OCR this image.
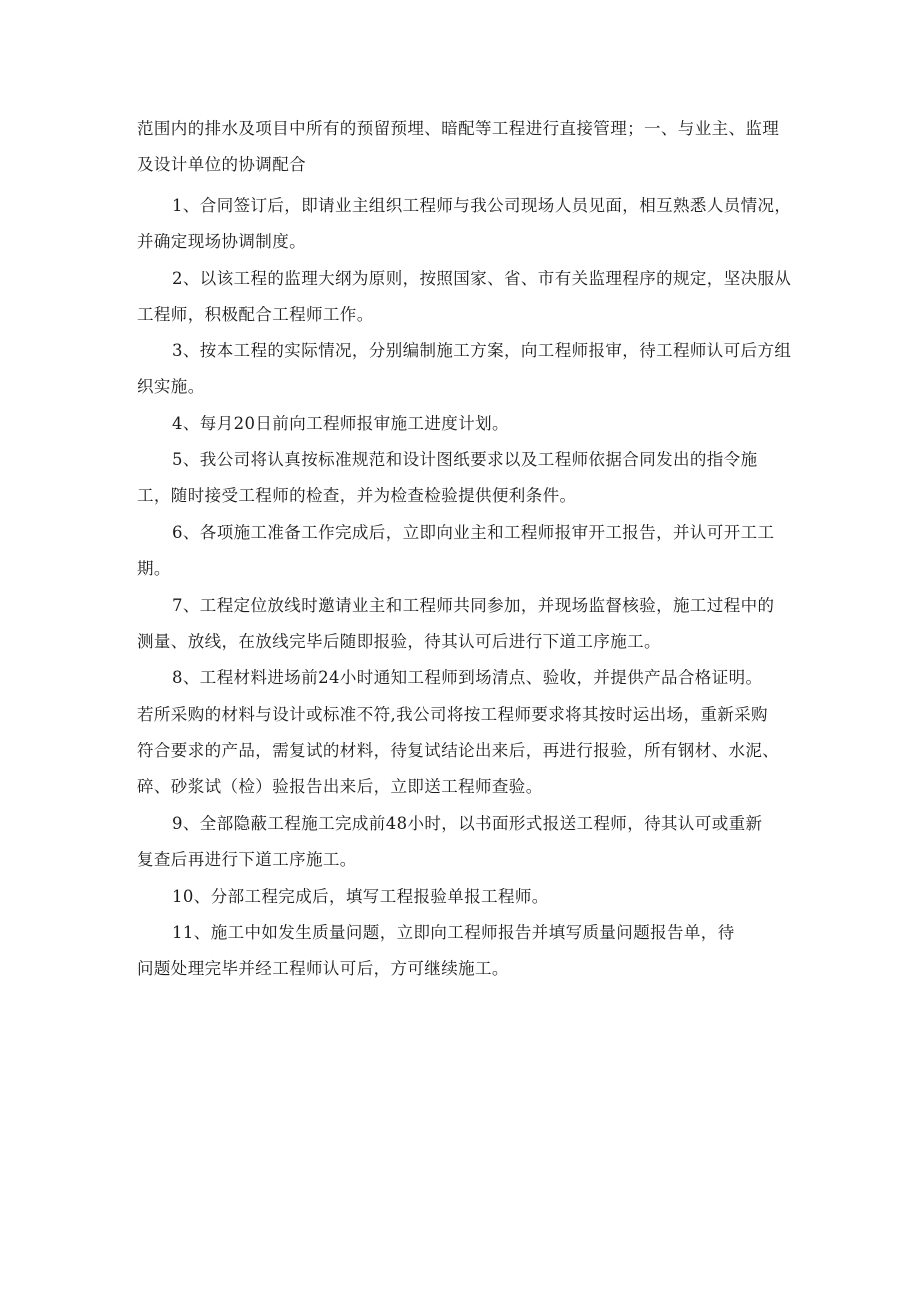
范围内的排水及项目中所有的预留预埋、暗配等工程进行直接管理；一、与业主、监理
及设计单位的协调配合
1、合同签订后，即请业主组织工程师与我公司现场人员见面，相互熟悉人员情况，
并确定现场协调制度。
2、以该工程的监理大纲为原则，按照国家、省、市有关监理程序的规定，坚决服从
工程师，积极配合工程师工作。
3、按本工程的实际情况，分别编制施工方案，向工程师报审，待工程师认可后方组
织实施。
4、每月20日前向工程师报审施工进度计划。
5、我公司将认真按标准规范和设计图纸要求以及工程师依据合同发出的指令施
工，随时接受工程师的检查，并为检查检验提供便利条件。
6、各项施工准备工作完成后，立即向业主和工程师报审开工报告，并认可开工工
期。
7、工程定位放线时邀请业主和工程师共同参加，并现场监督核验，施工过程中的
测量、放线，在放线完毕后随即报验，待其认可后进行下道工序施工。
8、工程材料进场前24小时通知工程师到场清点、验收，并提供产品合格证明。
若所采购的材料与设计或标准不符,我公司将按工程师要求将其按时运出场，重新采购
符合要求的产品，需复试的材料，待复试结论出来后，再进行报验，所有钢材、水泥、
碎、砂浆试（检）验报告出来后，立即送工程师查验。
9、全部隐蔽工程施工完成前48小时，以书面形式报送工程师，待其认可或重新
复查后再进行下道工序施工。
10、分部工程完成后，填写工程报验单报工程师。
11、施工中如发生质量问题，立即向工程师报告并填写质量问题报告单，待
问题处理完毕并经工程师认可后，方可继续施工。
